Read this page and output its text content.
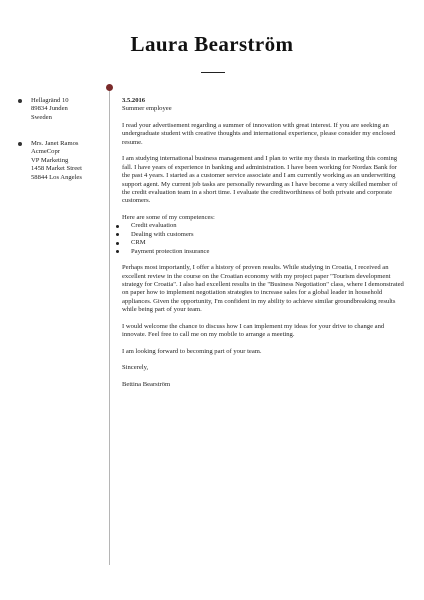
Laura Bearström
Hellagränd 10
89834 Junden
Sweden
Mrs. Janet Ramos
AcmeCopr
VP Marketing
1458 Market Street
58844 Los Angeles
3.5.2016
Summer employee
I read your advertisement regarding a summer of innovation with great interest. If you are seeking an undergraduate student with creative thoughts and international experience, please consider my enclosed resume.
I am studying international business management and I plan to write my thesis in marketing this coming fall. I have years of experience in banking and administration. I have been working for Nordax Bank for the past 4 years. I started as a customer service associate and I am currently working as an underwriting support agent. My current job tasks are personally rewarding as I have become a very skilled member of the credit evaluation team in a short time. I evaluate the creditworthiness of both private and corporate customers.
Here are some of my competences:
Credit evaluation
Dealing with customers
CRM
Payment protection insurance
Perhaps most importantly, I offer a history of proven results. While studying in Croatia, I received an excellent review in the course on the Croatian economy with my project paper "Tourism development strategy for Croatia". I also had excellent results in the "Business Negotiation" class, where I demonstrated on paper how to implement negotiation strategies to increase sales for a global leader in household appliances. Given the opportunity, I'm confident in my ability to achieve similar groundbreaking results while being part of your team.
I would welcome the chance to discuss how I can implement my ideas for your drive to change and innovate. Feel free to call me on my mobile to arrange a meeting.
I am looking forward to becoming part of your team.
Sincerely,
Bettina Bearström
